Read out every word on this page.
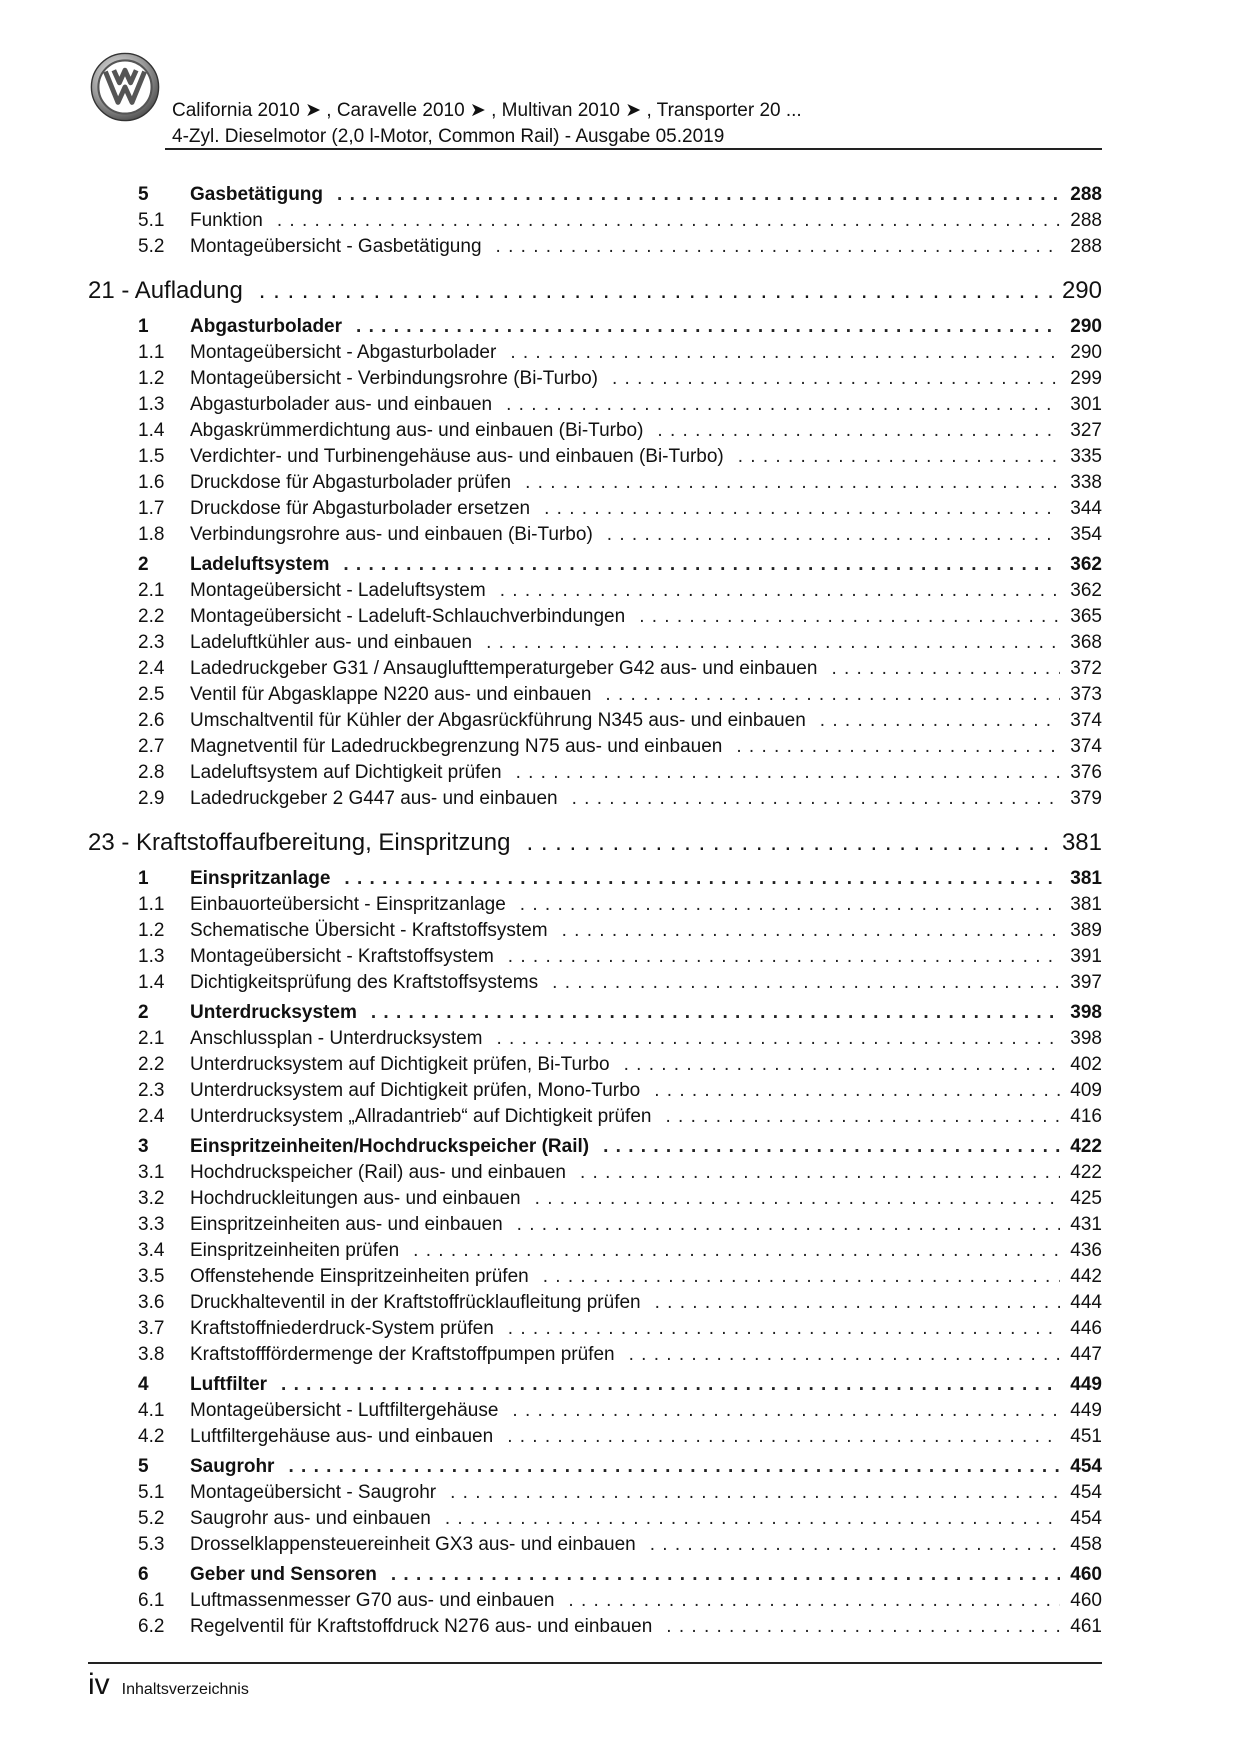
California 2010 ➤ , Caravelle 2010 ➤ , Multivan 2010 ➤ , Transporter 20 ...
4-Zyl. Dieselmotor (2,0 l-Motor, Common Rail) - Ausgabe 05.2019
5	Gasbetätigung . . .	288
5.1	Funktion . . .	288
5.2	Montageübersicht - Gasbetätigung . . .	288
21 - Aufladung . . .	290
1	Abgasturbolader . . .	290
1.1	Montageübersicht - Abgasturbolader . . .	290
1.2	Montageübersicht - Verbindungsrohre (Bi-Turbo) . . .	299
1.3	Abgasturbolader aus- und einbauen . . .	301
1.4	Abgaskrümmerdichtung aus- und einbauen (Bi-Turbo) . . .	327
1.5	Verdichter- und Turbinengehäuse aus- und einbauen (Bi-Turbo) . . .	335
1.6	Druckdose für Abgasturbolader prüfen . . .	338
1.7	Druckdose für Abgasturbolader ersetzen . . .	344
1.8	Verbindungsrohre aus- und einbauen (Bi-Turbo) . . .	354
2	Ladeluftsystem . . .	362
2.1	Montageübersicht - Ladeluftsystem . . .	362
2.2	Montageübersicht - Ladeluft-Schlauchverbindungen . . .	365
2.3	Ladeluftkühler aus- und einbauen . . .	368
2.4	Ladedruckgeber G31 / Ansauglufttemperaturgeber G42 aus- und einbauen . . .	372
2.5	Ventil für Abgasklappe N220 aus- und einbauen . . .	373
2.6	Umschaltventil für Kühler der Abgasrückführung N345 aus- und einbauen . . .	374
2.7	Magnetventil für Ladedruckbegrenzung N75 aus- und einbauen . . .	374
2.8	Ladeluftsystem auf Dichtigkeit prüfen . . .	376
2.9	Ladedruckgeber 2 G447 aus- und einbauen . . .	379
23 - Kraftstoffaufbereitung, Einspritzung . . .	381
1	Einspritzanlage . . .	381
1.1	Einbauorteübersicht - Einspritzanlage . . .	381
1.2	Schematische Übersicht - Kraftstoffsystem . . .	389
1.3	Montageübersicht - Kraftstoffsystem . . .	391
1.4	Dichtigkeitsprüfung des Kraftstoffsystems . . .	397
2	Unterdrucksystem . . .	398
2.1	Anschlussplan - Unterdrucksystem . . .	398
2.2	Unterdrucksystem auf Dichtigkeit prüfen, Bi-Turbo . . .	402
2.3	Unterdrucksystem auf Dichtigkeit prüfen, Mono-Turbo . . .	409
2.4	Unterdrucksystem „Allradantrieb“ auf Dichtigkeit prüfen . . .	416
3	Einspritzeinheiten/Hochdruckspeicher (Rail) . . .	422
3.1	Hochdruckspeicher (Rail) aus- und einbauen . . .	422
3.2	Hochdruckleitungen aus- und einbauen . . .	425
3.3	Einspritzeinheiten aus- und einbauen . . .	431
3.4	Einspritzeinheiten prüfen . . .	436
3.5	Offenstehende Einspritzeinheiten prüfen . . .	442
3.6	Druckhalteventil in der Kraftstoffrücklaufleitung prüfen . . .	444
3.7	Kraftstoffniederdruck-System prüfen . . .	446
3.8	Kraftstofffördermenge der Kraftstoffpumpen prüfen . . .	447
4	Luftfilter . . .	449
4.1	Montageübersicht - Luftfiltergehäuse . . .	449
4.2	Luftfiltergehäuse aus- und einbauen . . .	451
5	Saugrohr . . .	454
5.1	Montageübersicht - Saugrohr . . .	454
5.2	Saugrohr aus- und einbauen . . .	454
5.3	Drosselklappensteuereinheit GX3 aus- und einbauen . . .	458
6	Geber und Sensoren . . .	460
6.1	Luftmassenmesser G70 aus- und einbauen . . .	460
6.2	Regelventil für Kraftstoffdruck N276 aus- und einbauen . . .	461
iv Inhaltsverzeichnis
